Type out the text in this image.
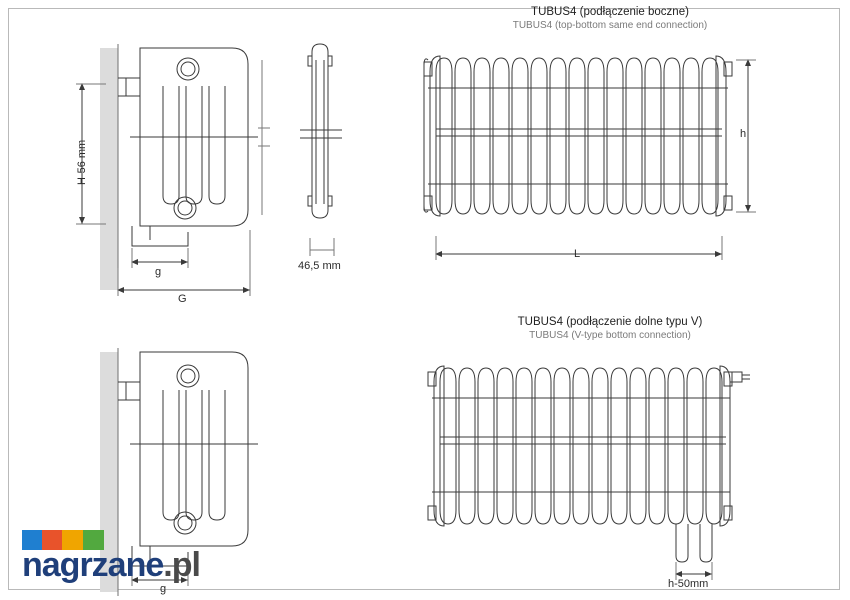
TUBUS4 (podłączenie boczne)
TUBUS4 (top-bottom same end connection)
TUBUS4 (podłączenie dolne typu V)
TUBUS4 (V-type bottom connection)
H-56 mm
g
G
46,5 mm
L
h
g	h-50mm
nagrzane.pl
